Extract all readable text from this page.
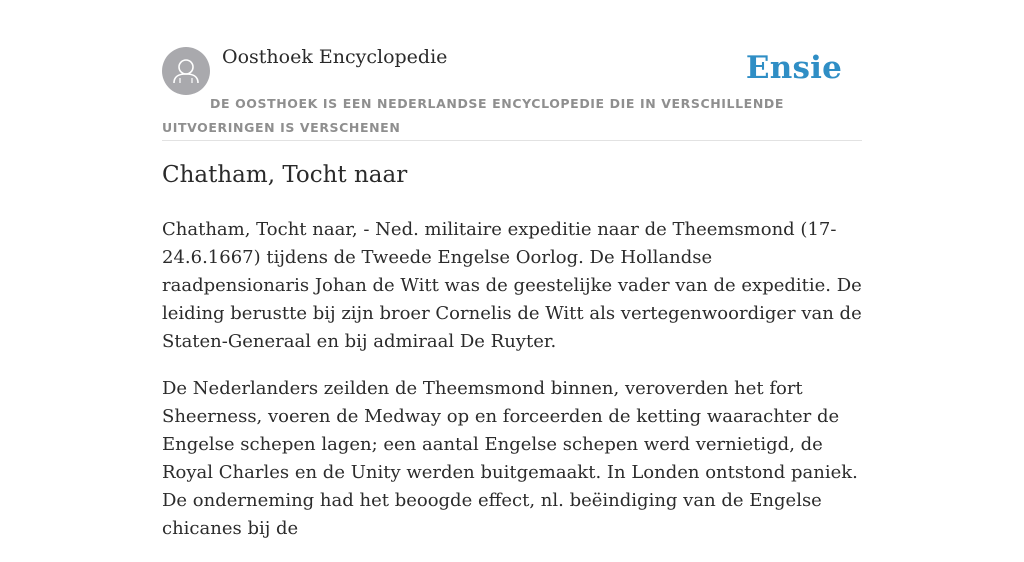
Oosthoek Encyclopedie	Ensie
DE OOSTHOEK IS EEN NEDERLANDSE ENCYCLOPEDIE DIE IN VERSCHILLENDE UITVOERINGEN IS VERSCHENEN
Chatham, Tocht naar

Chatham, Tocht naar, - Ned. militaire expeditie naar de Theemsmond (17-24.6.1667) tijdens de Tweede Engelse Oorlog. De Hollandse raadpensionaris Johan de Witt was de geestelijke vader van de expeditie. De leiding berustte bij zijn broer Cornelis de Witt als vertegenwoordiger van de Staten-Generaal en bij admiraal De Ruyter.

De Nederlanders zeilden de Theemsmond binnen, veroverden het fort Sheerness, voeren de Medway op en forceerden de ketting waarachter de Engelse schepen lagen; een aantal Engelse schepen werd vernietigd, de Royal Charles en de Unity werden buitgemaakt. In Londen ontstond paniek. De onderneming had het beoogde effect, nl. beëindiging van de Engelse chicanes bij de
